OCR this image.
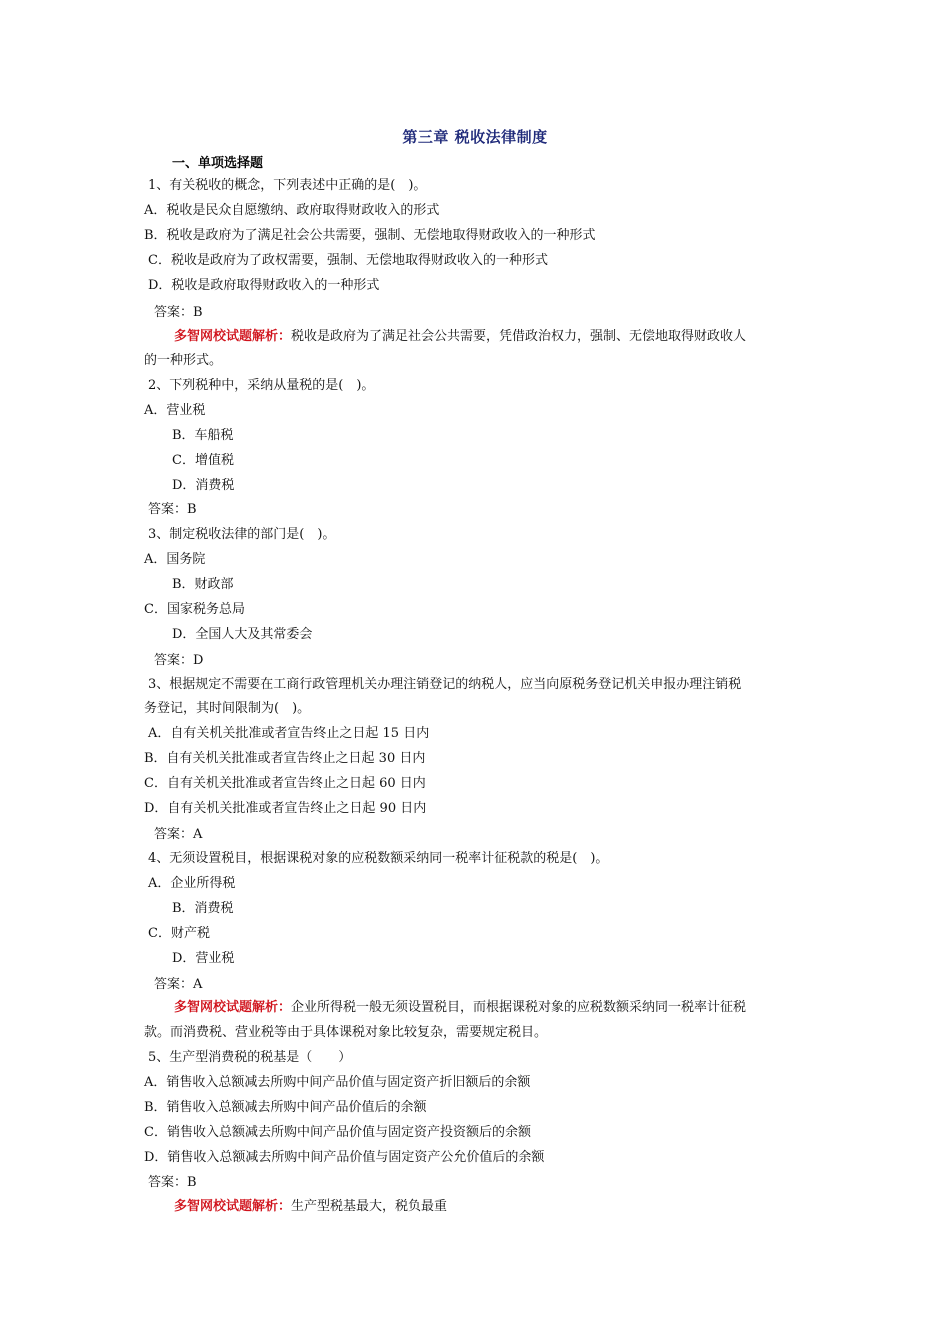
第三章 税收法律制度
一、单项选择题
1、有关税收的概念，下列表述中正确的是(　)。
A．税收是民众自愿缴纳、政府取得财政收入的形式
B．税收是政府为了满足社会公共需要，强制、无偿地取得财政收入的一种形式
C．税收是政府为了政权需要，强制、无偿地取得财政收入的一种形式
D．税收是政府取得财政收入的一种形式
答案：B
多智网校试题解析：税收是政府为了满足社会公共需要，凭借政治权力，强制、无偿地取得财政收人
的一种形式。
2、下列税种中，采纳从量税的是(　)。
A．营业税
B．车船税
C．增值税
D．消费税
答案：B
3、制定税收法律的部门是(　)。
A．国务院
B．财政部
C．国家税务总局
D．全国人大及其常委会
答案：D
3、根据规定不需要在工商行政管理机关办理注销登记的纳税人，应当向原税务登记机关申报办理注销税
务登记，其时间限制为(　)。
A．自有关机关批准或者宣告终止之日起 15 日内
B．自有关机关批准或者宣告终止之日起 30 日内
C．自有关机关批准或者宣告终止之日起 60 日内
D．自有关机关批准或者宣告终止之日起 90 日内
答案：A
4、无须设置税目，根据课税对象的应税数额采纳同一税率计征税款的税是(　)。
A．企业所得税
B．消费税
C．财产税
D．营业税
答案：A
多智网校试题解析：企业所得税一般无须设置税目，而根据课税对象的应税数额采纳同一税率计征税
款。而消费税、营业税等由于具体课税对象比较复杂，需要规定税目。
5、生产型消费税的税基是（　　）
A．销售收入总额减去所购中间产品价值与固定资产折旧额后的余额
B．销售收入总额减去所购中间产品价值后的余额
C．销售收入总额减去所购中间产品价值与固定资产投资额后的余额
D．销售收入总额减去所购中间产品价值与固定资产公允价值后的余额
答案：B
多智网校试题解析：生产型税基最大，税负最重
